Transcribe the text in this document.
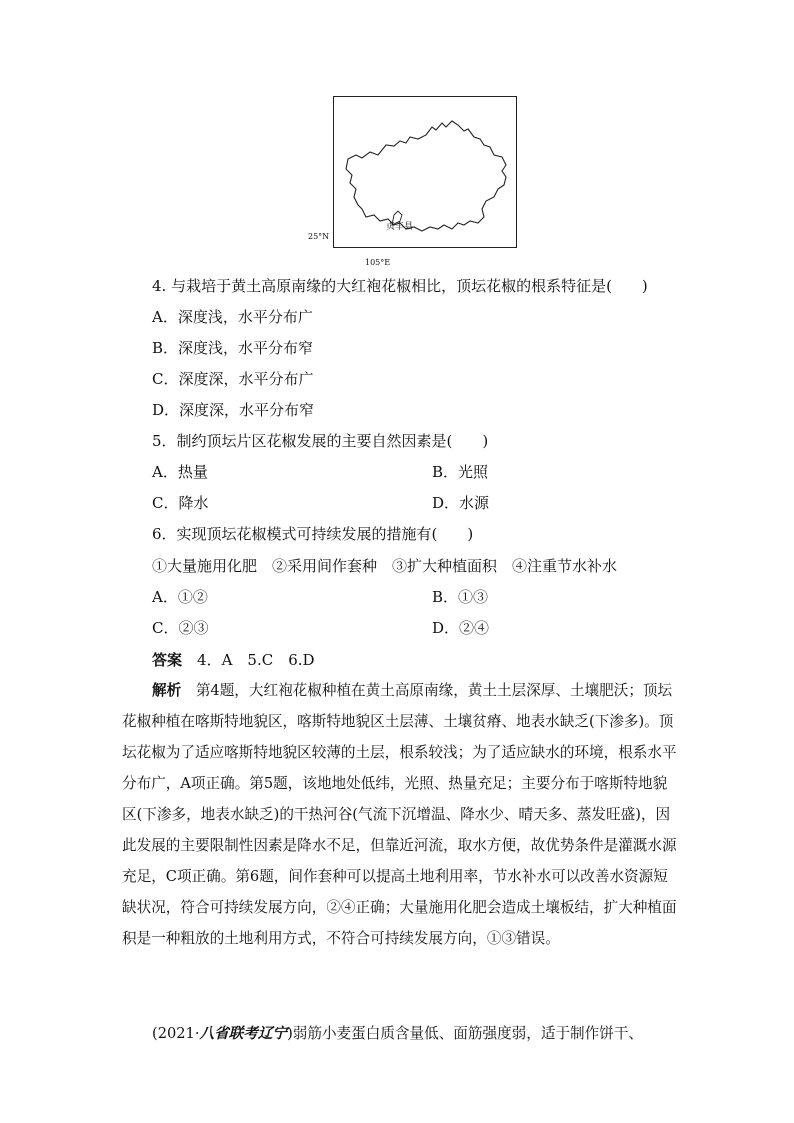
25°N
105°E
贞丰县
4. 与栽培于黄土高原南缘的大红袍花椒相比，顶坛花椒的根系特征是(　　)
A．深度浅，水平分布广
B．深度浅，水平分布窄
C．深度深，水平分布广
D．深度深，水平分布窄
5．制约顶坛片区花椒发展的主要自然因素是(　　)
A．热量	B．光照
C．降水	D．水源
6．实现顶坛花椒模式可持续发展的措施有(　　)
①大量施用化肥　②采用间作套种　③扩大种植面积　④注重节水补水
A．①②	B．①③
C．②③	D．②④
答案　 4．A　5.C　6.D
解析　 第4题，大红袍花椒种植在黄土高原南缘，黄土土层深厚、土壤肥沃；顶坛花椒种植在喀斯特地貌区，喀斯特地貌区土层薄、土壤贫瘠、地表水缺乏(下渗多)。顶坛花椒为了适应喀斯特地貌区较薄的土层，根系较浅；为了适应缺水的环境，根系水平分布广，A项正确。第5题，该地地处低纬，光照、热量充足；主要分布于喀斯特地貌区(下渗多，地表水缺乏)的干热河谷(气流下沉增温、降水少、晴天多、蒸发旺盛)，因此发展的主要限制性因素是降水不足，但靠近河流，取水方便，故优势条件是灌溉水源充足，C项正确。第6题，间作套种可以提高土地利用率，节水补水可以改善水资源短缺状况，符合可持续发展方向，②④正确；大量施用化肥会造成土壤板结，扩大种植面积是一种粗放的土地利用方式，不符合可持续发展方向，①③错误。
(2021·八省联考辽宁)弱筋小麦蛋白质含量低、面筋强度弱，适于制作饼干、
